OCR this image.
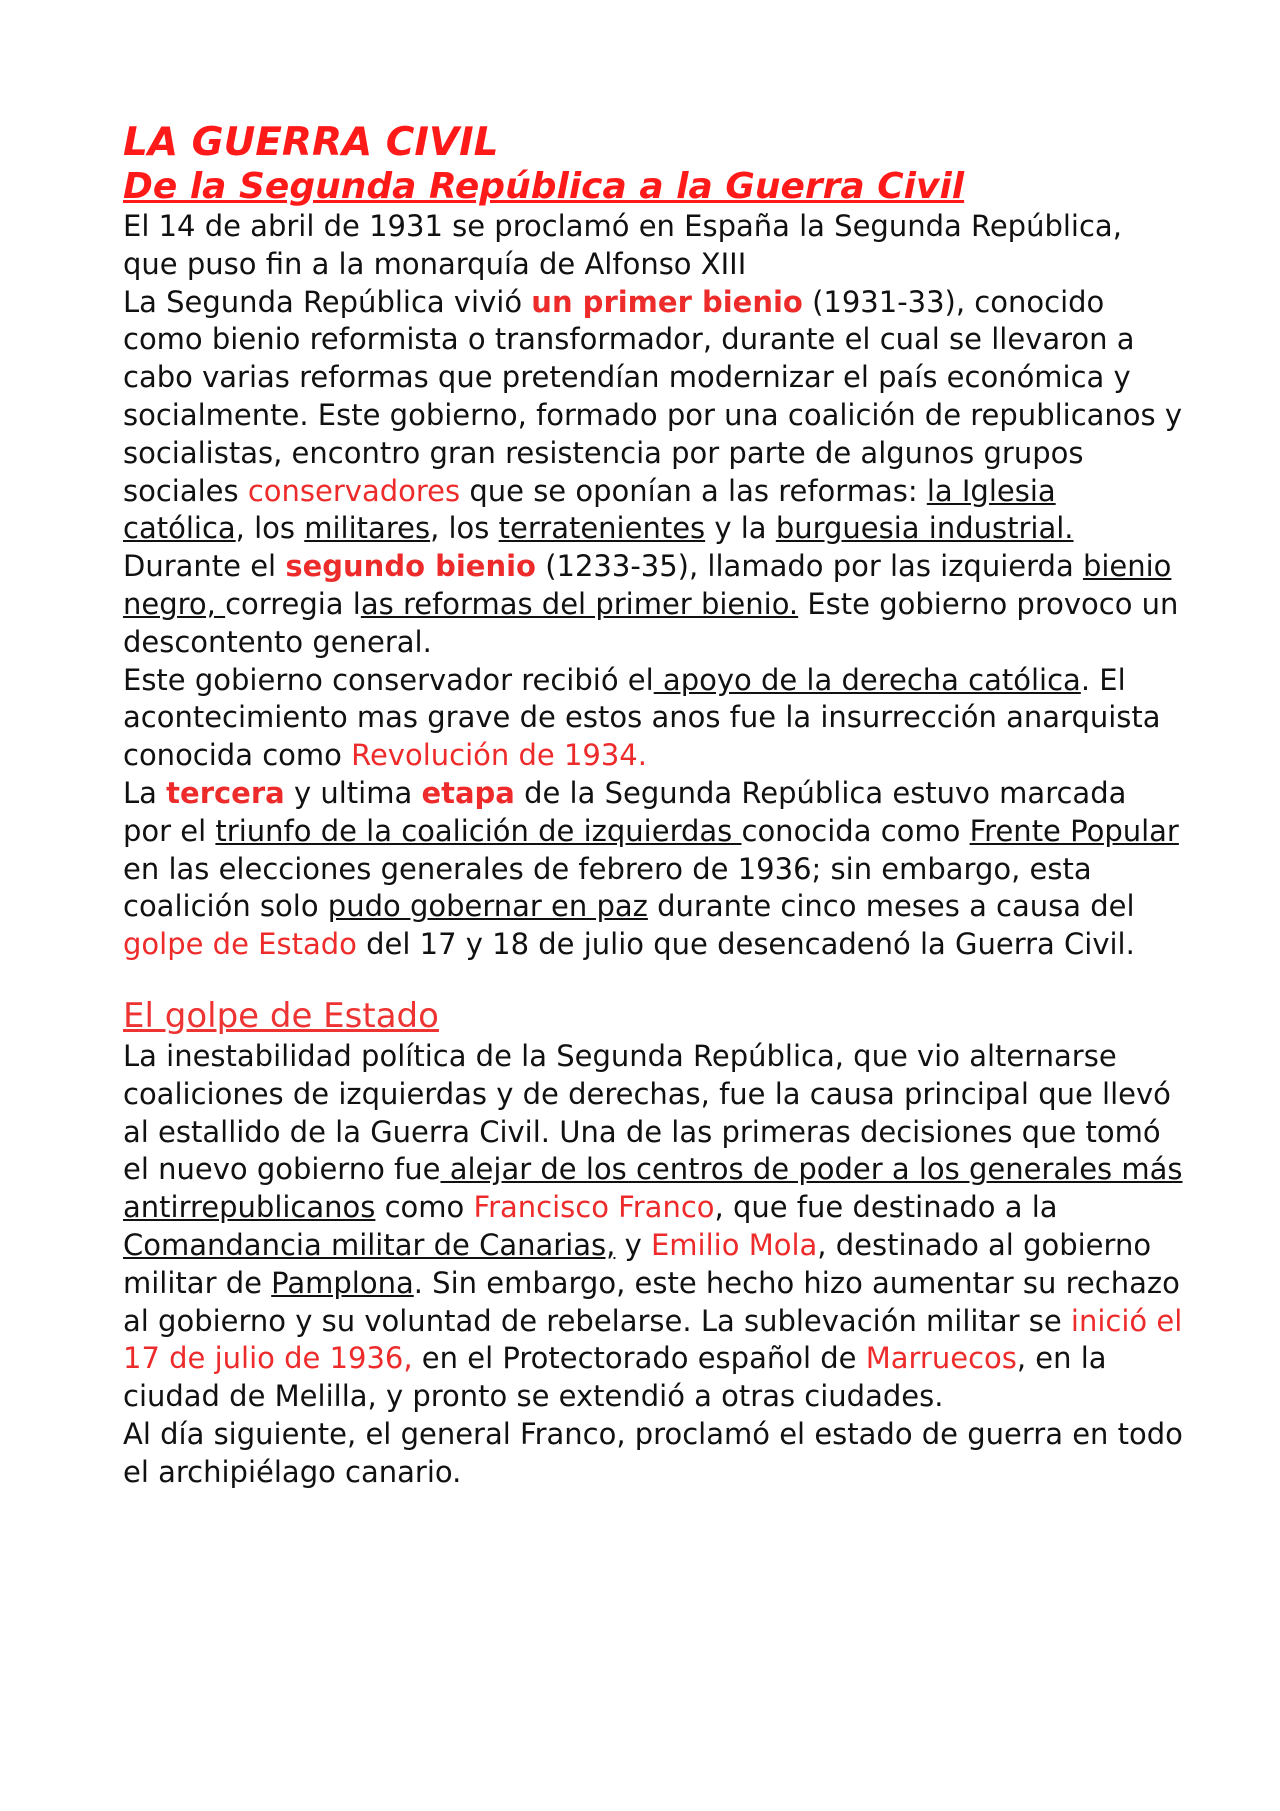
LA GUERRA CIVIL
De la Segunda República a la Guerra Civil

El 14 de abril de 1931 se proclamó en España la Segunda República, que puso fin a la monarquía de Alfonso XIII

La Segunda República vivió un primer bienio (1931-33), conocido como bienio reformista o transformador, durante el cual se llevaron a cabo varias reformas que pretendían modernizar el país económica y socialmente. Este gobierno, formado por una coalición de republicanos y socialistas, encontro gran resistencia por parte de algunos grupos sociales conservadores que se oponían a las reformas: la Iglesia católica, los militares, los terratenientes y la burguesia industrial.

Durante el segundo bienio (1233-35), llamado por las izquierda bienio negro, corregia las reformas del primer bienio. Este gobierno provoco un descontento general.

Este gobierno conservador recibió el apoyo de la derecha católica. El acontecimiento mas grave de estos anos fue la insurrección anarquista conocida como Revolución de 1934.

La tercera y ultima etapa de la Segunda República estuvo marcada por el triunfo de la coalición de izquierdas conocida como Frente Popular en las elecciones generales de febrero de 1936; sin embargo, esta coalición solo pudo gobernar en paz durante cinco meses a causa del golpe de Estado del 17 y 18 de julio que desencadenó la Guerra Civil.

El golpe de Estado

La inestabilidad política de la Segunda República, que vio alternarse coaliciones de izquierdas y de derechas, fue la causa principal que llevó al estallido de la Guerra Civil. Una de las primeras decisiones que tomó el nuevo gobierno fue alejar de los centros de poder a los generales más antirrepublicanos como Francisco Franco, que fue destinado a la Comandancia militar de Canarias, y Emilio Mola, destinado al gobierno militar de Pamplona. Sin embargo, este hecho hizo aumentar su rechazo al gobierno y su voluntad de rebelarse. La sublevación militar se inició el 17 de julio de 1936, en el Protectorado español de Marruecos, en la ciudad de Melilla, y pronto se extendió a otras ciudades.

Al día siguiente, el general Franco, proclamó el estado de guerra en todo el archipiélago canario.
